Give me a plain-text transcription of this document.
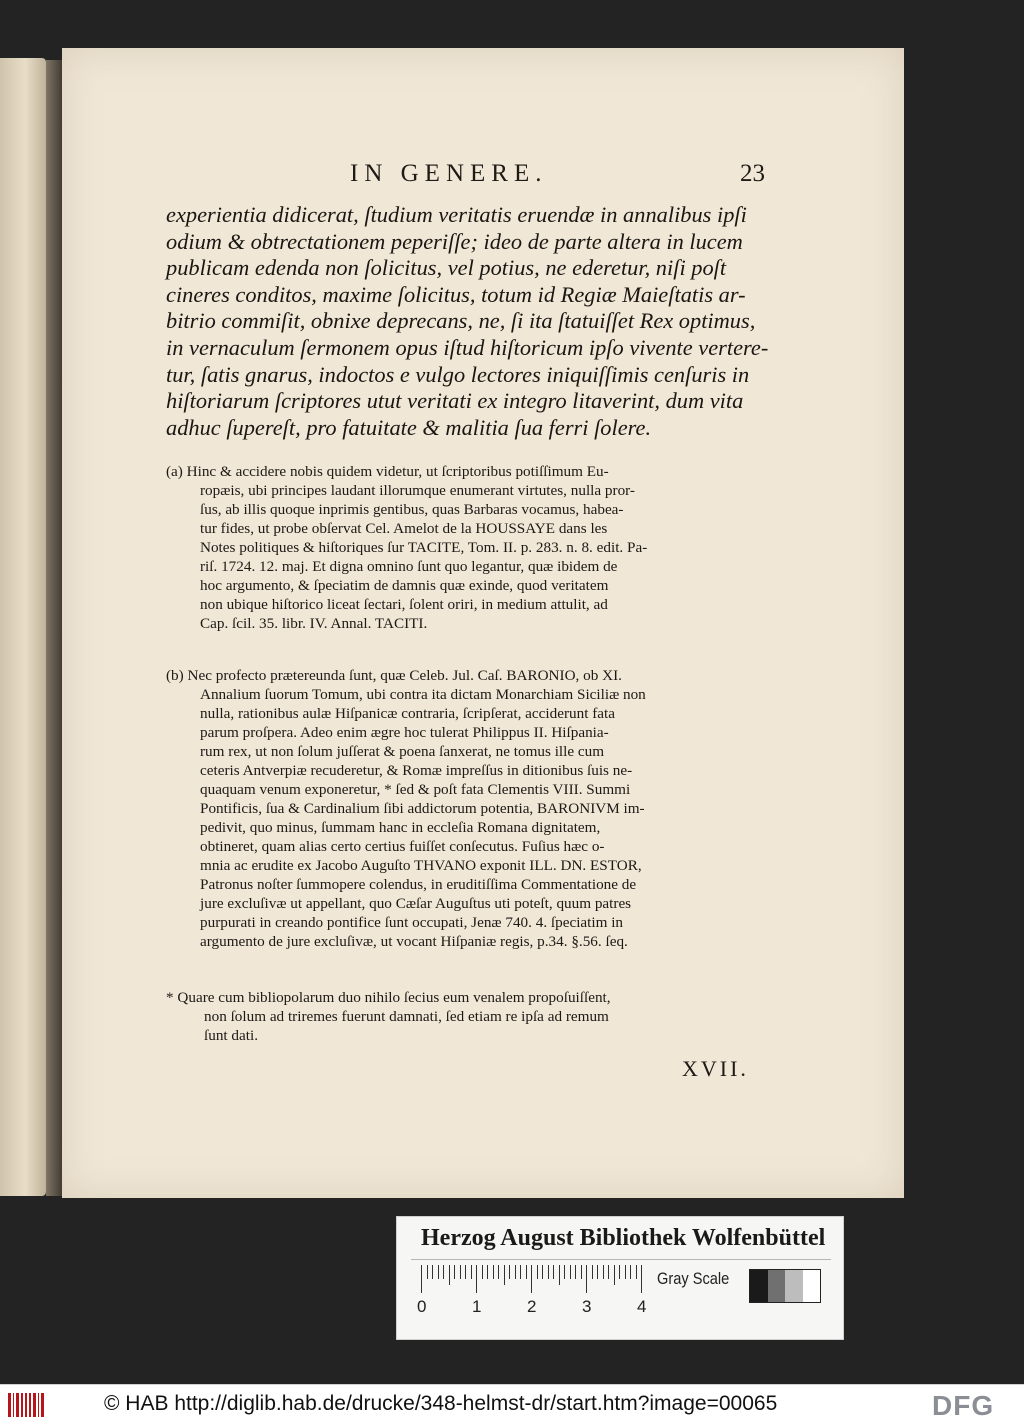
IN GENERE.	23
experientia didicerat, ſtudium veritatis eruendæ in annalibus ipſi
odium & obtrectationem peperiſſe; ideo de parte altera in lucem
publicam edenda non ſolicitus, vel potius, ne ederetur, niſi poſt
cineres conditos, maxime ſolicitus, totum id Regiæ Maieſtatis ar-
bitrio commiſit, obnixe deprecans, ne, ſi ita ſtatuiſſet Rex optimus,
in vernaculum ſermonem opus iſtud hiſtoricum ipſo vivente vertere-
tur, ſatis gnarus, indoctos e vulgo lectores iniquiſſimis cenſuris in
hiſtoriarum ſcriptores utut veritati ex integro litaverint, dum vita
adhuc ſupereſt, pro fatuitate & malitia ſua ferri ſolere.
(a) Hinc & accidere nobis quidem videtur, ut ſcriptoribus potiſſimum Eu-
ropæis, ubi principes laudant illorumque enumerant virtutes, nulla pror-
ſus, ab illis quoque inprimis gentibus, quas Barbaras vocamus, habea-
tur fides, ut probe obſervat Cel. Amelot de la HOUSSAYE dans les
Notes politiques & hiſtoriques ſur TACITE, Tom. II. p. 283. n. 8. edit. Pa-
riſ. 1724. 12. maj. Et digna omnino ſunt quo legantur, quæ ibidem de
hoc argumento, & ſpeciatim de damnis quæ exinde, quod veritatem
non ubique hiſtorico liceat ſectari, ſolent oriri, in medium attulit, ad
Cap. ſcil. 35. libr. IV. Annal. TACITI.
(b) Nec profecto prætereunda ſunt, quæ Celeb. Jul. Caſ. BARONIO, ob XI.
Annalium ſuorum Tomum, ubi contra ita dictam Monarchiam Siciliæ non
nulla, rationibus aulæ Hiſpanicæ contraria, ſcripſerat, acciderunt fata
parum proſpera. Adeo enim ægre hoc tulerat Philippus II. Hiſpania-
rum rex, ut non ſolum juſſerat & poena ſanxerat, ne tomus ille cum
ceteris Antverpiæ recuderetur, & Romæ impreſſus in ditionibus ſuis ne-
quaquam venum exponeretur, * ſed & poſt fata Clementis VIII. Summi
Pontificis, ſua & Cardinalium ſibi addictorum potentia, BARONIVM im-
pedivit, quo minus, ſummam hanc in eccleſia Romana dignitatem,
obtineret, quam alias certo certius fuiſſet conſecutus. Fuſius hæc o-
mnia ac erudite ex Jacobo Auguſto THVANO exponit ILL. DN. ESTOR,
Patronus noſter ſummopere colendus, in eruditiſſima Commentatione de
jure excluſivæ ut appellant, quo Cæſar Auguſtus uti poteſt, quum patres
purpurati in creando pontifice ſunt occupati, Jenæ 740. 4. ſpeciatim in
argumento de jure excluſivæ, ut vocant Hiſpaniæ regis, p.34. §.56. ſeq.
* Quare cum bibliopolarum duo nihilo ſecius eum venalem propoſuiſſent,
non ſolum ad triremes fuerunt damnati, ſed etiam re ipſa ad remum
ſunt dati.
XVII.
Herzog August Bibliothek Wolfenbüttel
0	1	2	3	4
Gray Scale
© HAB http://diglib.hab.de/drucke/348-helmst-dr/start.htm?image=00065	DFG
